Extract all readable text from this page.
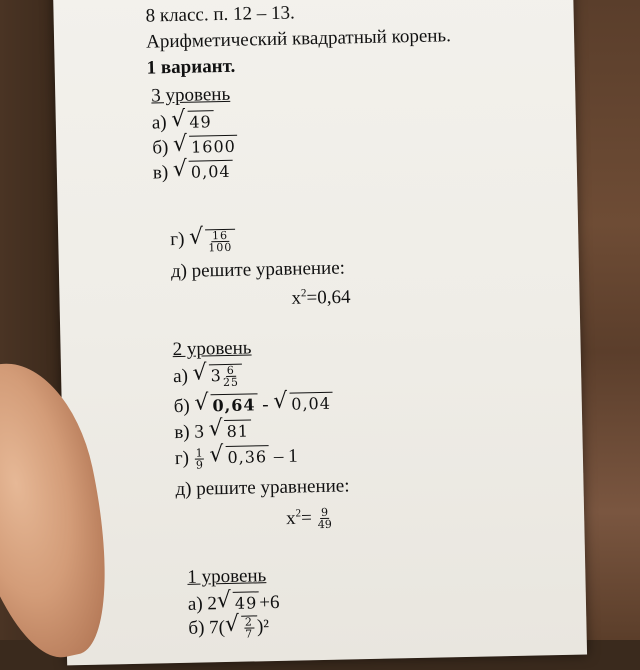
8 класс. п. 12 – 13.
Арифметический квадратный корень.
1 вариант.
3 уровень
а) √ 49
б) √ 1600
в) √ 0,04
г) √ $\frac{16}{100}$
д) решите уравнение:
$x^2=0,64$
2 уровень
а) √ $3 \frac{6}{25}$
б) √ 0,64 - √ 0,04
в) 3 √ 81
$г) \frac{1}{9}$
√ 0,36 – 1
д) решите уравнение:
$x^2= \frac{9}{49}$
1 уровень
а) 2 √ 49+6
б) 7( √ $\frac{2}{7} )^2$
